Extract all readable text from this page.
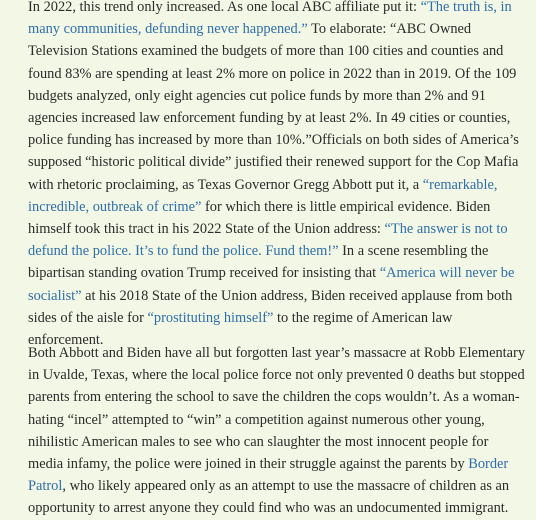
In 2022, this trend only increased. As one local ABC affiliate put it: “The truth is, in many communities, defunding never happened.” To elaborate: “ABC Owned Television Stations examined the budgets of more than 100 cities and counties and found 83% are spending at least 2% more on police in 2022 than in 2019. Of the 109 budgets analyzed, only eight agencies cut police funds by more than 2% and 91 agencies increased law enforcement funding by at least 2%. In 49 cities or counties, police funding has increased by more than 10%.”Officials on both sides of America’s supposed “historic political divide” justified their renewed support for the Cop Mafia with rhetoric proclaiming, as Texas Governor Gregg Abbott put it, a “remarkable, incredible, outbreak of crime” for which there is little empirical evidence. Biden himself took this tract in his 2022 State of the Union address: “The answer is not to defund the police. It’s to fund the police. Fund them!” In a scene resembling the bipartisan standing ovation Trump received for insisting that “America will never be socialist” at his 2018 State of the Union address, Biden received applause from both sides of the aisle for “prostituting himself” to the regime of American law enforcement.

Both Abbott and Biden have all but forgotten last year’s massacre at Robb Elementary in Uvalde, Texas, where the local police force not only prevented 0 deaths but stopped parents from entering the school to save the children the cops wouldn’t. As a woman-hating “incel” attempted to “win” a competition against numerous other young, nihilistic American males to see who can slaughter the most innocent people for media infamy, the police were joined in their struggle against the parents by Border Patrol, who likely appeared only as an attempt to use the massacre of children as an opportunity to arrest anyone they could find who was an undocumented immigrant.
